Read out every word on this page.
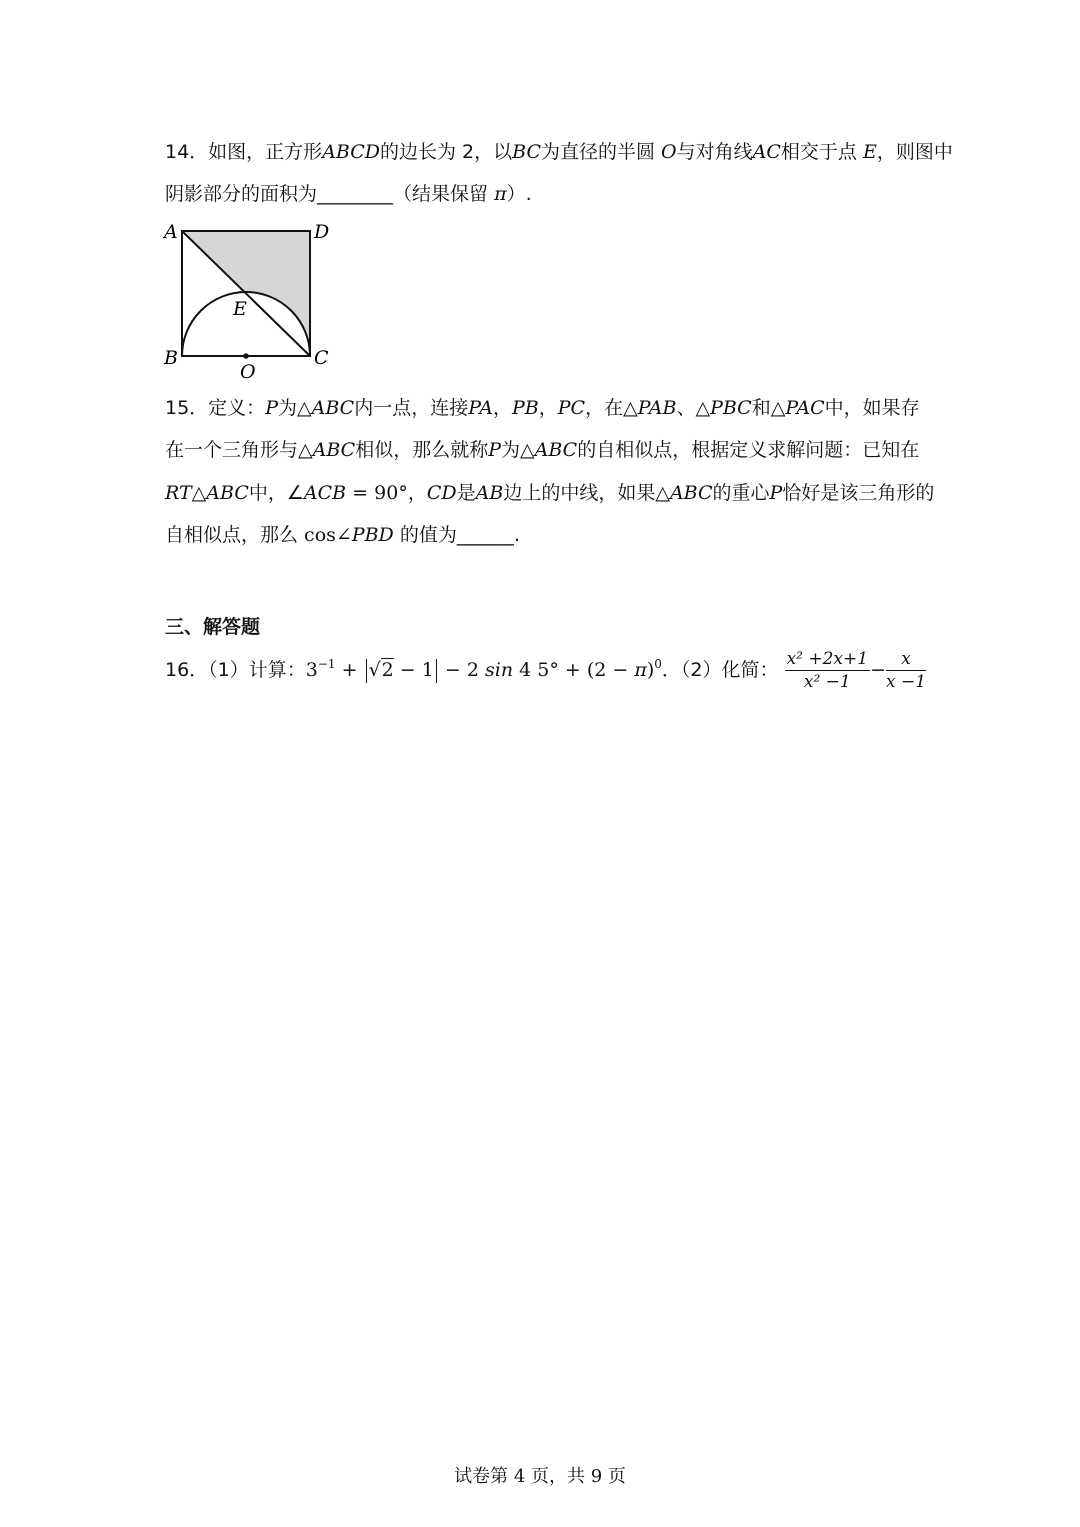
14．如图，正方形ABCD的边长为 2，以BC为直径的半圆 O与对角线AC相交于点 E，则图中
阴影部分的面积为________（结果保留 π）.
A	D
E
B
O
C
15．定义：P为△ABC内一点，连接PA，PB，PC，在△PAB、△PBC和△PAC中，如果存
在一个三角形与△ABC相似，那么就称P为△ABC的自相似点，根据定义求解问题：已知在
RT△ABC中，∠ACB = 90°，CD是AB边上的中线，如果△ABC的重心P恰好是该三角形的
自相似点，那么 cos∠PBD 的值为______.
三、解答题
16．（1）计算：$3^{-1} + √2 - 1 - 2$ sin 4 $5^\circ + (2 - \pi)^0$．（2）化简： $\frac{\text{x² +2x+1}}{\text{x² −1}} - \frac{x}{x -1}$
试卷第 4 页，共 9 页
